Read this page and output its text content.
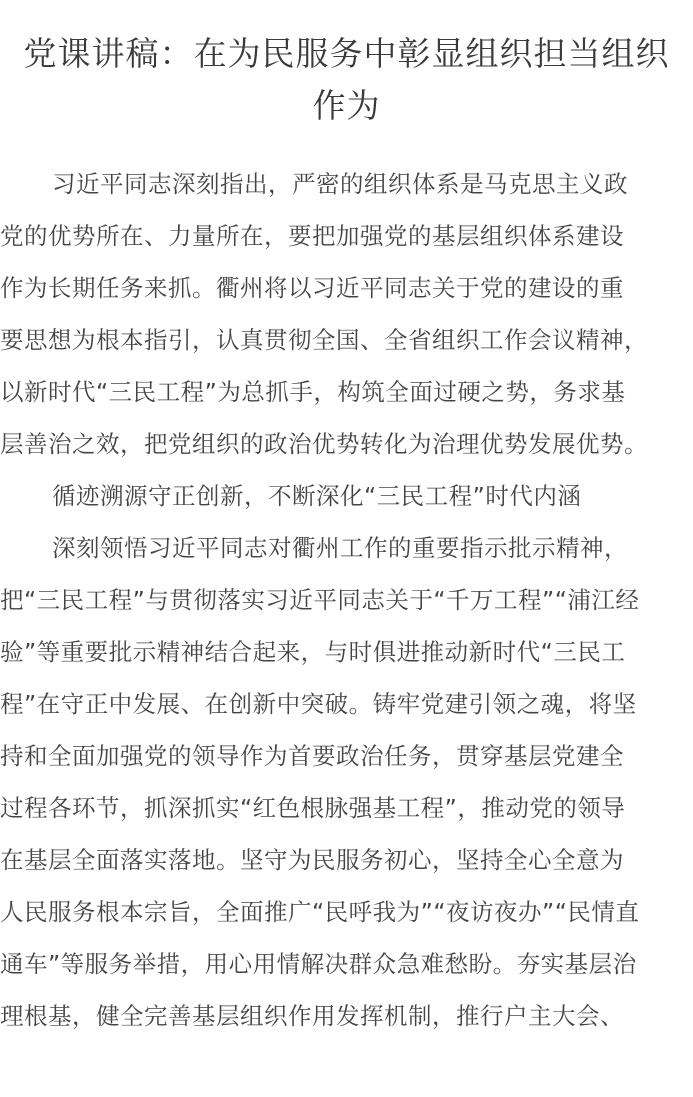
党课讲稿：在为民服务中彰显组织担当组织
作为
习近平同志深刻指出，严密的组织体系是马克思主义政
党的优势所在、力量所在，要把加强党的基层组织体系建设
作为长期任务来抓。衢州将以习近平同志关于党的建设的重
要思想为根本指引，认真贯彻全国、全省组织工作会议精神，
以新时代“三民工程”为总抓手，构筑全面过硬之势，务求基
层善治之效，把党组织的政治优势转化为治理优势发展优势。
循迹溯源守正创新，不断深化“三民工程”时代内涵
深刻领悟习近平同志对衢州工作的重要指示批示精神，
把“三民工程”与贯彻落实习近平同志关于“千万工程”“浦江经
验”等重要批示精神结合起来，与时俱进推动新时代“三民工
程”在守正中发展、在创新中突破。铸牢党建引领之魂，将坚
持和全面加强党的领导作为首要政治任务，贯穿基层党建全
过程各环节，抓深抓实“红色根脉强基工程”，推动党的领导
在基层全面落实落地。坚守为民服务初心，坚持全心全意为
人民服务根本宗旨，全面推广“民呼我为”“夜访夜办”“民情直
通车”等服务举措，用心用情解决群众急难愁盼。夯实基层治
理根基，健全完善基层组织作用发挥机制，推行户主大会、
